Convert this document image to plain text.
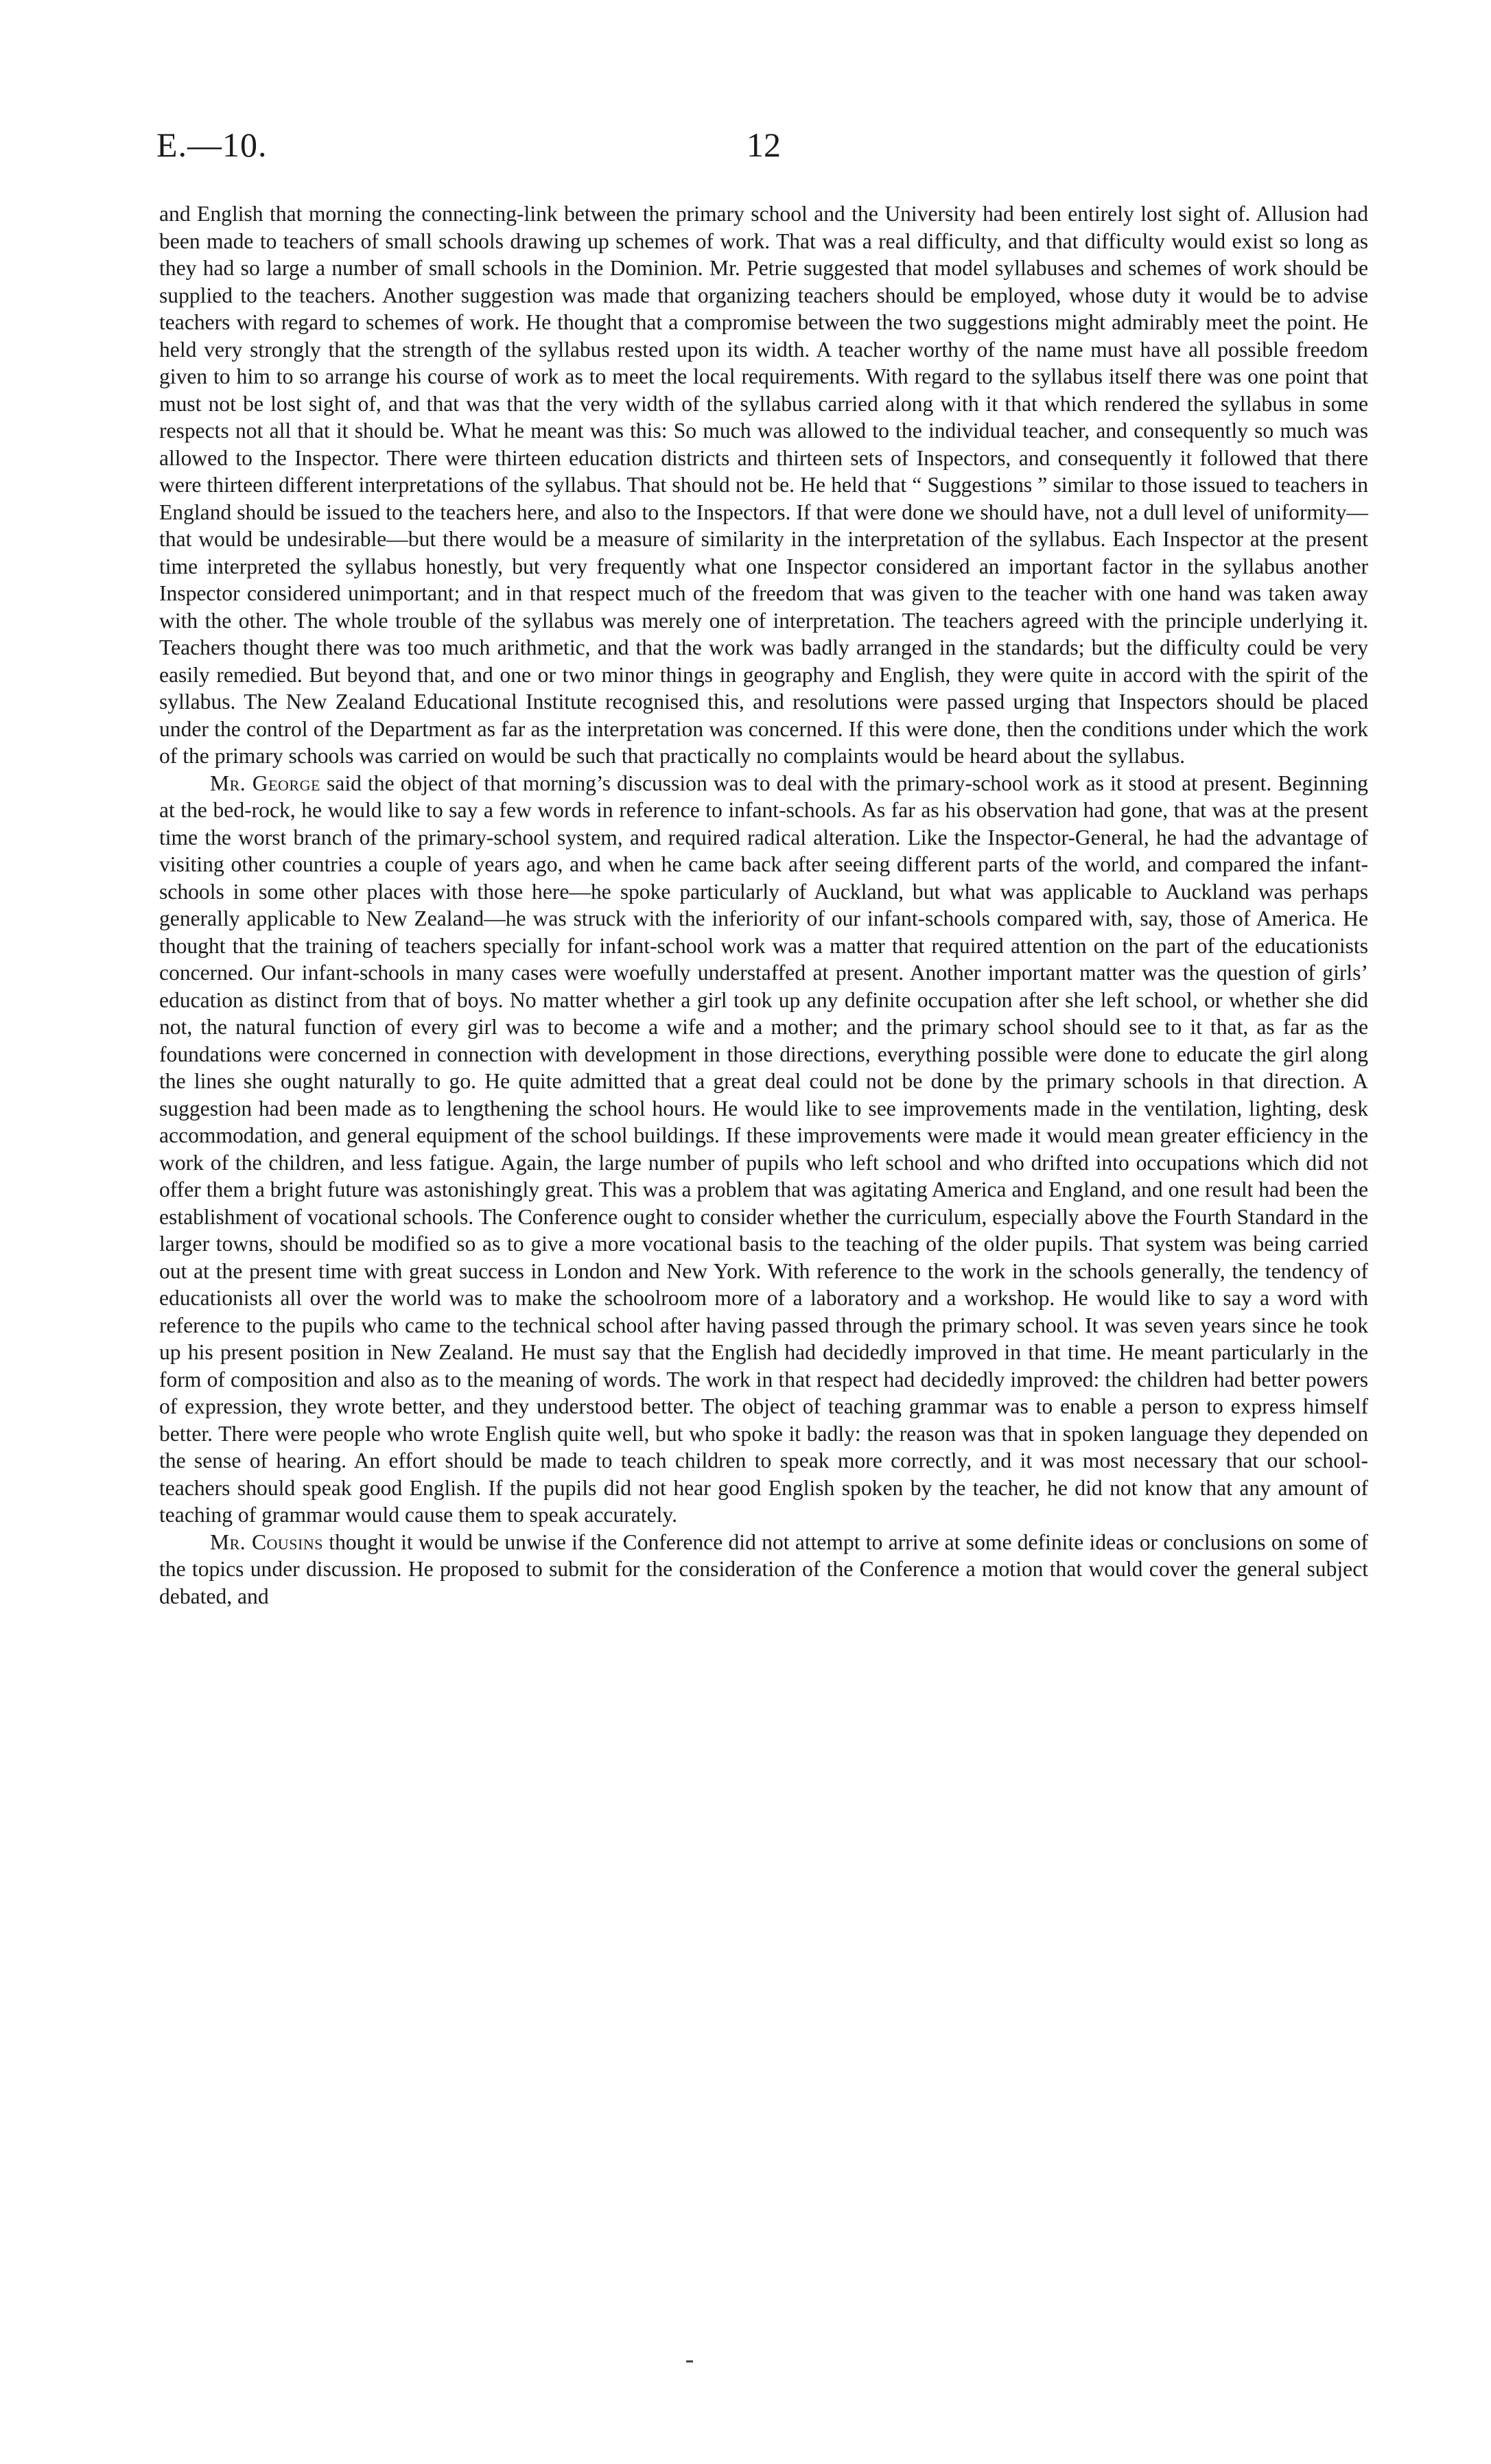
E.—10.	12

and English that morning the connecting-link between the primary school and the University had been entirely lost sight of. Allusion had been made to teachers of small schools drawing up schemes of work. That was a real difficulty, and that difficulty would exist so long as they had so large a number of small schools in the Dominion. Mr. Petrie suggested that model syllabuses and schemes of work should be supplied to the teachers. Another suggestion was made that organizing teachers should be employed, whose duty it would be to advise teachers with regard to schemes of work. He thought that a compromise between the two suggestions might admirably meet the point. He held very strongly that the strength of the syllabus rested upon its width. A teacher worthy of the name must have all possible freedom given to him to so arrange his course of work as to meet the local requirements. With regard to the syllabus itself there was one point that must not be lost sight of, and that was that the very width of the syllabus carried along with it that which rendered the syllabus in some respects not all that it should be. What he meant was this: So much was allowed to the individual teacher, and consequently so much was allowed to the Inspector. There were thirteen education districts and thirteen sets of Inspectors, and consequently it followed that there were thirteen different interpretations of the syllabus. That should not be. He held that “ Suggestions ” similar to those issued to teachers in England should be issued to the teachers here, and also to the Inspectors. If that were done we should have, not a dull level of uniformity—that would be undesirable—but there would be a measure of similarity in the interpretation of the syllabus. Each Inspector at the present time interpreted the syllabus honestly, but very frequently what one Inspector considered an important factor in the syllabus another Inspector considered unimportant; and in that respect much of the freedom that was given to the teacher with one hand was taken away with the other. The whole trouble of the syllabus was merely one of interpretation. The teachers agreed with the principle underlying it. Teachers thought there was too much arithmetic, and that the work was badly arranged in the standards; but the difficulty could be very easily remedied. But beyond that, and one or two minor things in geography and English, they were quite in accord with the spirit of the syllabus. The New Zealand Educational Institute recognised this, and resolutions were passed urging that Inspectors should be placed under the control of the Department as far as the interpretation was concerned. If this were done, then the conditions under which the work of the primary schools was carried on would be such that practically no complaints would be heard about the syllabus.

Mr. George said the object of that morning’s discussion was to deal with the primary-school work as it stood at present. Beginning at the bed-rock, he would like to say a few words in reference to infant-schools. As far as his observation had gone, that was at the present time the worst branch of the primary-school system, and required radical alteration. Like the Inspector-General, he had the advantage of visiting other countries a couple of years ago, and when he came back after seeing different parts of the world, and compared the infant-schools in some other places with those here—he spoke particularly of Auckland, but what was applicable to Auckland was perhaps generally applicable to New Zealand—he was struck with the inferiority of our infant-schools compared with, say, those of America. He thought that the training of teachers specially for infant-school work was a matter that required attention on the part of the educationists concerned. Our infant-schools in many cases were woefully understaffed at present. Another important matter was the question of girls’ education as distinct from that of boys. No matter whether a girl took up any definite occupation after she left school, or whether she did not, the natural function of every girl was to become a wife and a mother; and the primary school should see to it that, as far as the foundations were concerned in connection with development in those directions, everything possible were done to educate the girl along the lines she ought naturally to go. He quite admitted that a great deal could not be done by the primary schools in that direction. A suggestion had been made as to lengthening the school hours. He would like to see improvements made in the ventilation, lighting, desk accommodation, and general equipment of the school buildings. If these improvements were made it would mean greater efficiency in the work of the children, and less fatigue. Again, the large number of pupils who left school and who drifted into occupations which did not offer them a bright future was astonishingly great. This was a problem that was agitating America and England, and one result had been the establishment of vocational schools. The Conference ought to consider whether the curriculum, especially above the Fourth Standard in the larger towns, should be modified so as to give a more vocational basis to the teaching of the older pupils. That system was being carried out at the present time with great success in London and New York. With reference to the work in the schools generally, the tendency of educationists all over the world was to make the schoolroom more of a laboratory and a workshop. He would like to say a word with reference to the pupils who came to the technical school after having passed through the primary school. It was seven years since he took up his present position in New Zealand. He must say that the English had decidedly improved in that time. He meant particularly in the form of composition and also as to the meaning of words. The work in that respect had decidedly improved: the children had better powers of expression, they wrote better, and they understood better. The object of teaching grammar was to enable a person to express himself better. There were people who wrote English quite well, but who spoke it badly: the reason was that in spoken language they depended on the sense of hearing. An effort should be made to teach children to speak more correctly, and it was most necessary that our school-teachers should speak good English. If the pupils did not hear good English spoken by the teacher, he did not know that any amount of teaching of grammar would cause them to speak accurately.

Mr. Cousins thought it would be unwise if the Conference did not attempt to arrive at some definite ideas or conclusions on some of the topics under discussion. He proposed to submit for the consideration of the Conference a motion that would cover the general subject debated, and
